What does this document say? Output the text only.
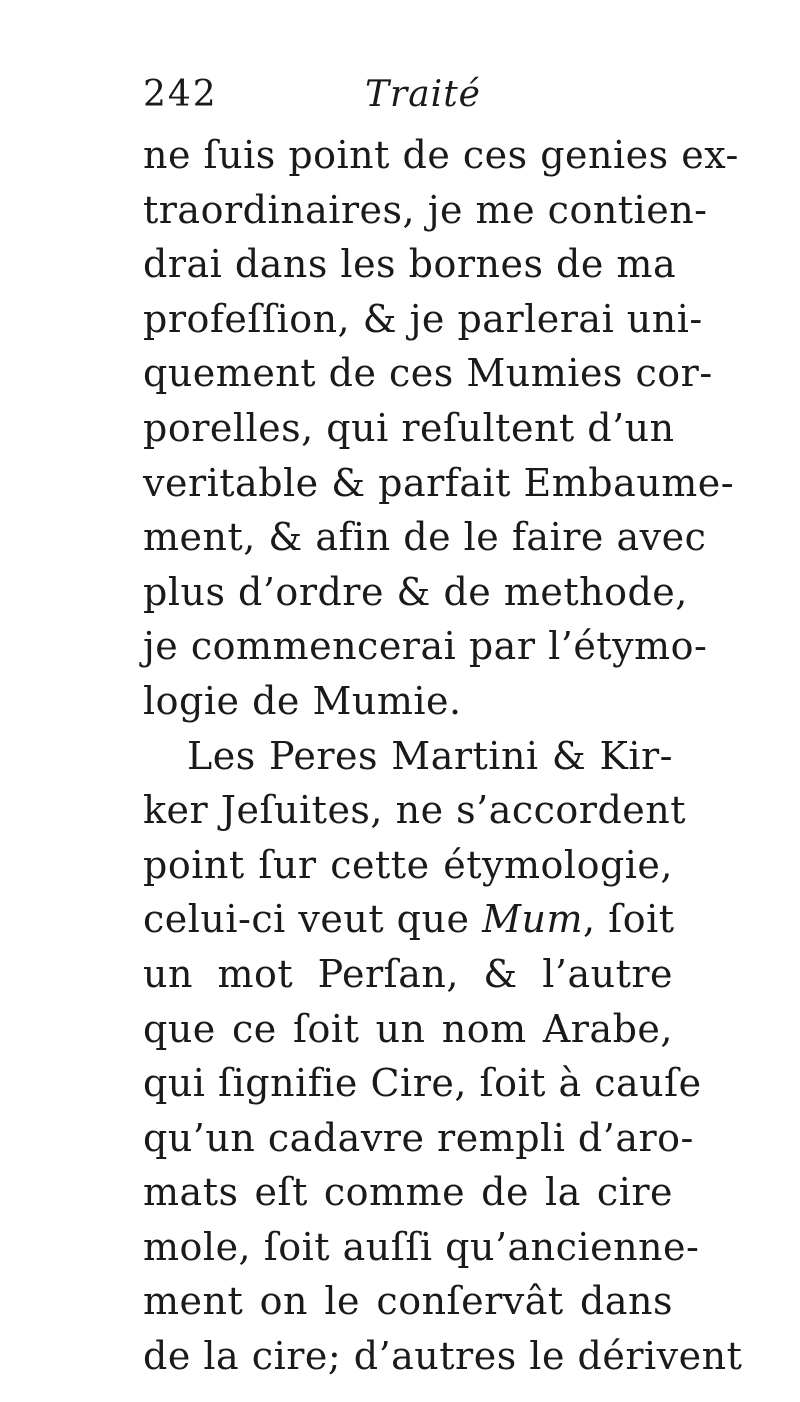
242	Traité
ne ſuis point de ces genies ex-
traordinaires, je me contien-
drai dans les bornes de ma
profeſſion, & je parlerai uni-
quement de ces Mumies cor-
porelles, qui reſultent d’un
veritable & parfait Embaume-
ment, & afin de le faire avec
plus d’ordre & de methode,
je commencerai par l’étymo-
logie de Mumie.
Les Peres Martini & Kir-
ker Jeſuites, ne s’accordent
point ſur cette étymologie,
celui-ci veut que Mum, ſoit
un mot Perſan, & l’autre
que ce ſoit un nom Arabe,
qui ſignifie Cire, ſoit à cauſe
qu’un cadavre rempli d’aro-
mats eſt comme de la cire
mole, ſoit auſſi qu’ancienne-
ment on le conſervât dans
de la cire; d’autres le dérivent
